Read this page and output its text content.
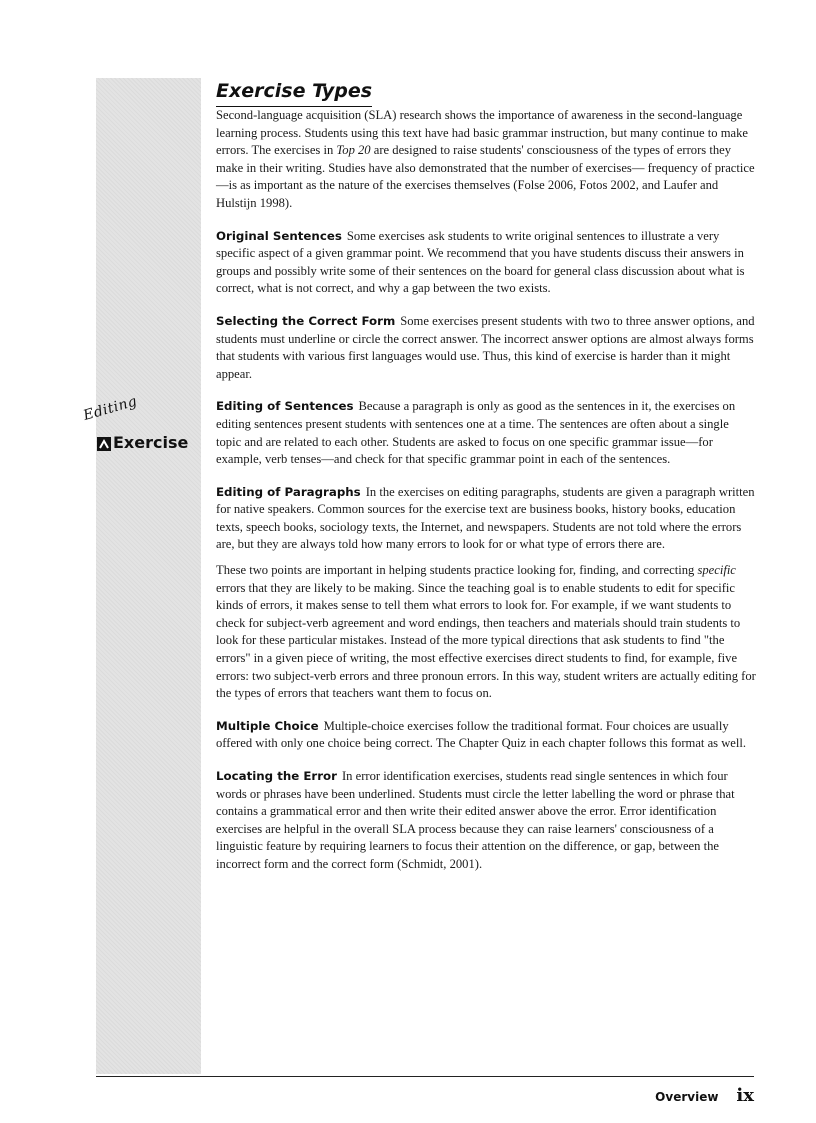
Editing
Exercise
Exercise Types

Second-language acquisition (SLA) research shows the importance of awareness in the second-language learning process. Students using this text have had basic grammar instruction, but many continue to make errors. The exercises in Top 20 are designed to raise students' consciousness of the types of errors they make in their writing. Studies have also demonstrated that the number of exercises— frequency of practice—is as important as the nature of the exercises themselves (Folse 2006, Fotos 2002, and Laufer and Hulstijn 1998).

Original Sentences Some exercises ask students to write original sentences to illustrate a very specific aspect of a given grammar point. We recommend that you have students discuss their answers in groups and possibly write some of their sentences on the board for general class discussion about what is correct, what is not correct, and why a gap between the two exists.

Selecting the Correct Form Some exercises present students with two to three answer options, and students must underline or circle the correct answer. The incorrect answer options are almost always forms that students with various first languages would use. Thus, this kind of exercise is harder than it might appear.

Editing of Sentences Because a paragraph is only as good as the sentences in it, the exercises on editing sentences present students with sentences one at a time. The sentences are often about a single topic and are related to each other. Students are asked to focus on one specific grammar issue—for example, verb tenses—and check for that specific grammar point in each of the sentences.

Editing of Paragraphs In the exercises on editing paragraphs, students are given a paragraph written for native speakers. Common sources for the exercise text are business books, history books, education texts, speech books, sociology texts, the Internet, and newspapers. Students are not told where the errors are, but they are always told how many errors to look for or what type of errors there are.

These two points are important in helping students practice looking for, finding, and correcting specific errors that they are likely to be making. Since the teaching goal is to enable students to edit for specific kinds of errors, it makes sense to tell them what errors to look for. For example, if we want students to check for subject-verb agreement and word endings, then teachers and materials should train students to look for these particular mistakes. Instead of the more typical directions that ask students to find "the errors" in a given piece of writing, the most effective exercises direct students to find, for example, five errors: two subject-verb errors and three pronoun errors. In this way, student writers are actually editing for the types of errors that teachers want them to focus on.

Multiple Choice Multiple-choice exercises follow the traditional format. Four choices are usually offered with only one choice being correct. The Chapter Quiz in each chapter follows this format as well.

Locating the Error In error identification exercises, students read single sentences in which four words or phrases have been underlined. Students must circle the letter labelling the word or phrase that contains a grammatical error and then write their edited answer above the error. Error identification exercises are helpful in the overall SLA process because they can raise learners' consciousness of a linguistic feature by requiring learners to focus their attention on the difference, or gap, between the incorrect form and the correct form (Schmidt, 2001).

Overview ix
